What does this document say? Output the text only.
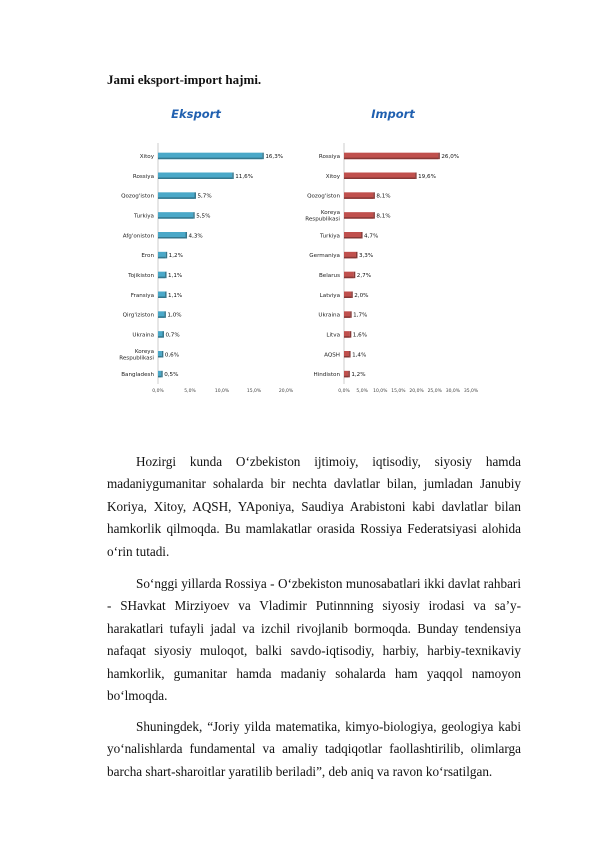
Jami eksport-import hajmi.
Eksport
16,3%
Xitoy
11,6%
Rossiya
5,7%
Qozog'iston
5,5%
Turkiya
4,3%
Afg'oniston
1,2%
Eron
1,1%
Tojikiston
1,1%
Fransiya
1,0%
Qirg'iziston
0,7%
Ukraina
0,6%
Koreya Respublikasi
0,5%
Bangladesh
0,0%	5,0%	10,0%	15,0%	20,0%
Import
26,0%
Rossiya
19,6%
Xitoy
8,1%
Qozog'iston
8,1%
Koreya Respublikasi
4,7%
Turkiya
3,3%
Germaniya
2,7%
Belarus
2,0%
Latviya
1,7%
Ukraina
1,6%
Litva
1,4%
AQSH
1,2%
Hindiston
0,0% 5,0% 10,0% 15,0% 20,0% 25,0% 30,0% 35,0%
Hozirgi kunda O‘zbekiston ijtimoiy, iqtisodiy, siyosiy hamda madaniygumanitar sohalarda bir nechta davlatlar bilan, jumladan Janubiy Koriya, Xitoy, AQSH, YAponiya, Saudiya Arabistoni kabi davlatlar bilan hamkorlik qilmoqda. Bu mamlakatlar orasida Rossiya Federatsiyasi alohida o‘rin tutadi.
So‘nggi yillarda Rossiya - O‘zbekiston munosabatlari ikki davlat rahbari - SHavkat Mirziyoev va Vladimir Putinnning siyosiy irodasi va sa’y-harakatlari tufayli jadal va izchil rivojlanib bormoqda. Bunday tendensiya nafaqat siyosiy muloqot, balki savdo-iqtisodiy, harbiy, harbiy-texnikaviy hamkorlik, gumanitar hamda madaniy sohalarda ham yaqqol namoyon bo‘lmoqda.
Shuningdek, “Joriy yilda matematika, kimyo-biologiya, geologiya kabi yo‘nalishlarda fundamental va amaliy tadqiqotlar faollashtirilib, olimlarga barcha shart-sharoitlar yaratilib beriladi”, deb aniq va ravon ko‘rsatilgan.
